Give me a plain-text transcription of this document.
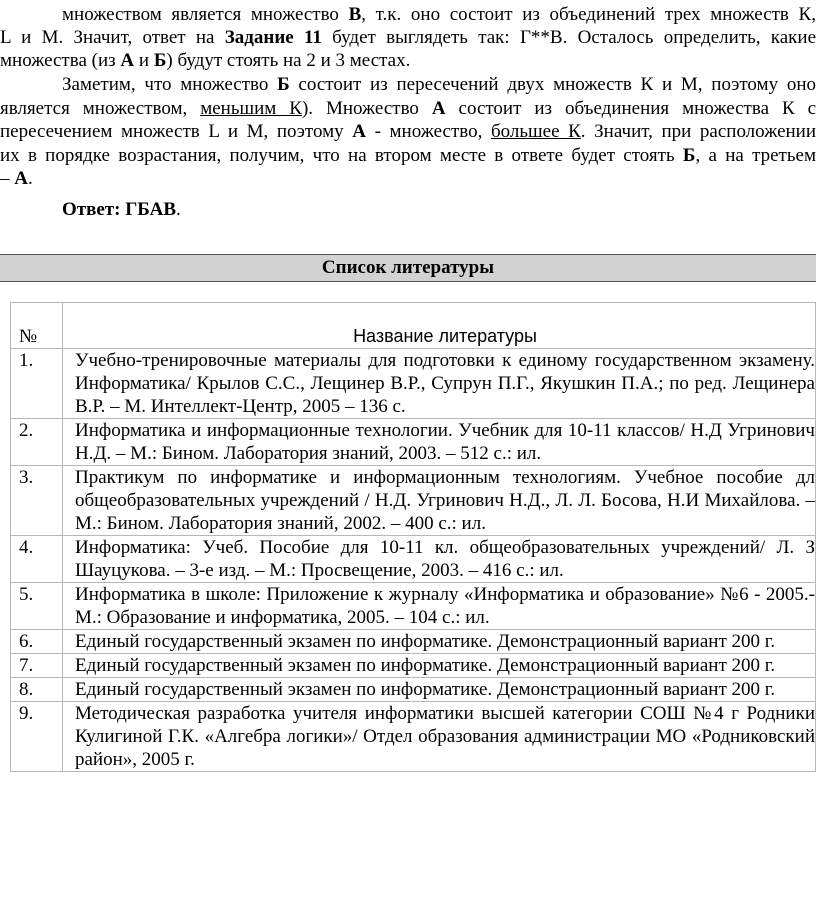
множеством является множество В, т.к. оно состоит из объединений трех множеств К,
L и М. Значит, ответ на Задание 11 будет выглядеть так: Г**В. Осталось определить, какие
множества (из А и Б) будут стоять на 2 и 3 местах.
Заметим, что множество Б состоит из пересечений двух множеств К и М, поэтому оно
является множеством, меньшим К). Множество А состоит из объединения множества К с
пересечением множеств L и М, поэтому А - множество, большее К. Значит, при расположении
их в порядке возрастания, получим, что на втором месте в ответе будет стоять Б, а на третьем
– А.
Ответ: ГБАВ.
Список литературы
№	Название литературы
1.	Учебно-тренировочные материалы для подготовки к единому государственном экзамену. Информатика/ Крылов С.С., Лещинер В.Р., Супрун П.Г., Якушкин П.А.; по ред. Лещинера В.Р. – М. Интеллект-Центр, 2005 – 136 с.

2.	Информатика и информационные технологии. Учебник для 10-11 классов/ Н.Д Угринович Н.Д. – М.: Бином. Лаборатория знаний, 2003. – 512 с.: ил.

3.	Практикум по информатике и информационным технологиям. Учебное пособие дл общеобразовательных учреждений / Н.Д. Угринович Н.Д., Л. Л. Босова, Н.И Михайлова. – М.: Бином. Лаборатория знаний, 2002. – 400 с.: ил.

4.	Информатика: Учеб. Пособие для 10-11 кл. общеобразовательных учреждений/ Л. З Шауцукова. – 3-е изд. – М.: Просвещение, 2003. – 416 с.: ил.

5.	Информатика в школе: Приложение к журналу «Информатика и образование» №6 - 2005.- М.: Образование и информатика, 2005. – 104 с.: ил.

6.	Единый государственный экзамен по информатике. Демонстрационный вариант 200 г.

7.	Единый государственный экзамен по информатике. Демонстрационный вариант 200 г.

8.	Единый государственный экзамен по информатике. Демонстрационный вариант 200 г.

9.	Методическая разработка учителя информатики высшей категории СОШ №4 г Родники Кулигиной Г.К. «Алгебра логики»/ Отдел образования администрации МО «Родниковский район», 2005 г.
